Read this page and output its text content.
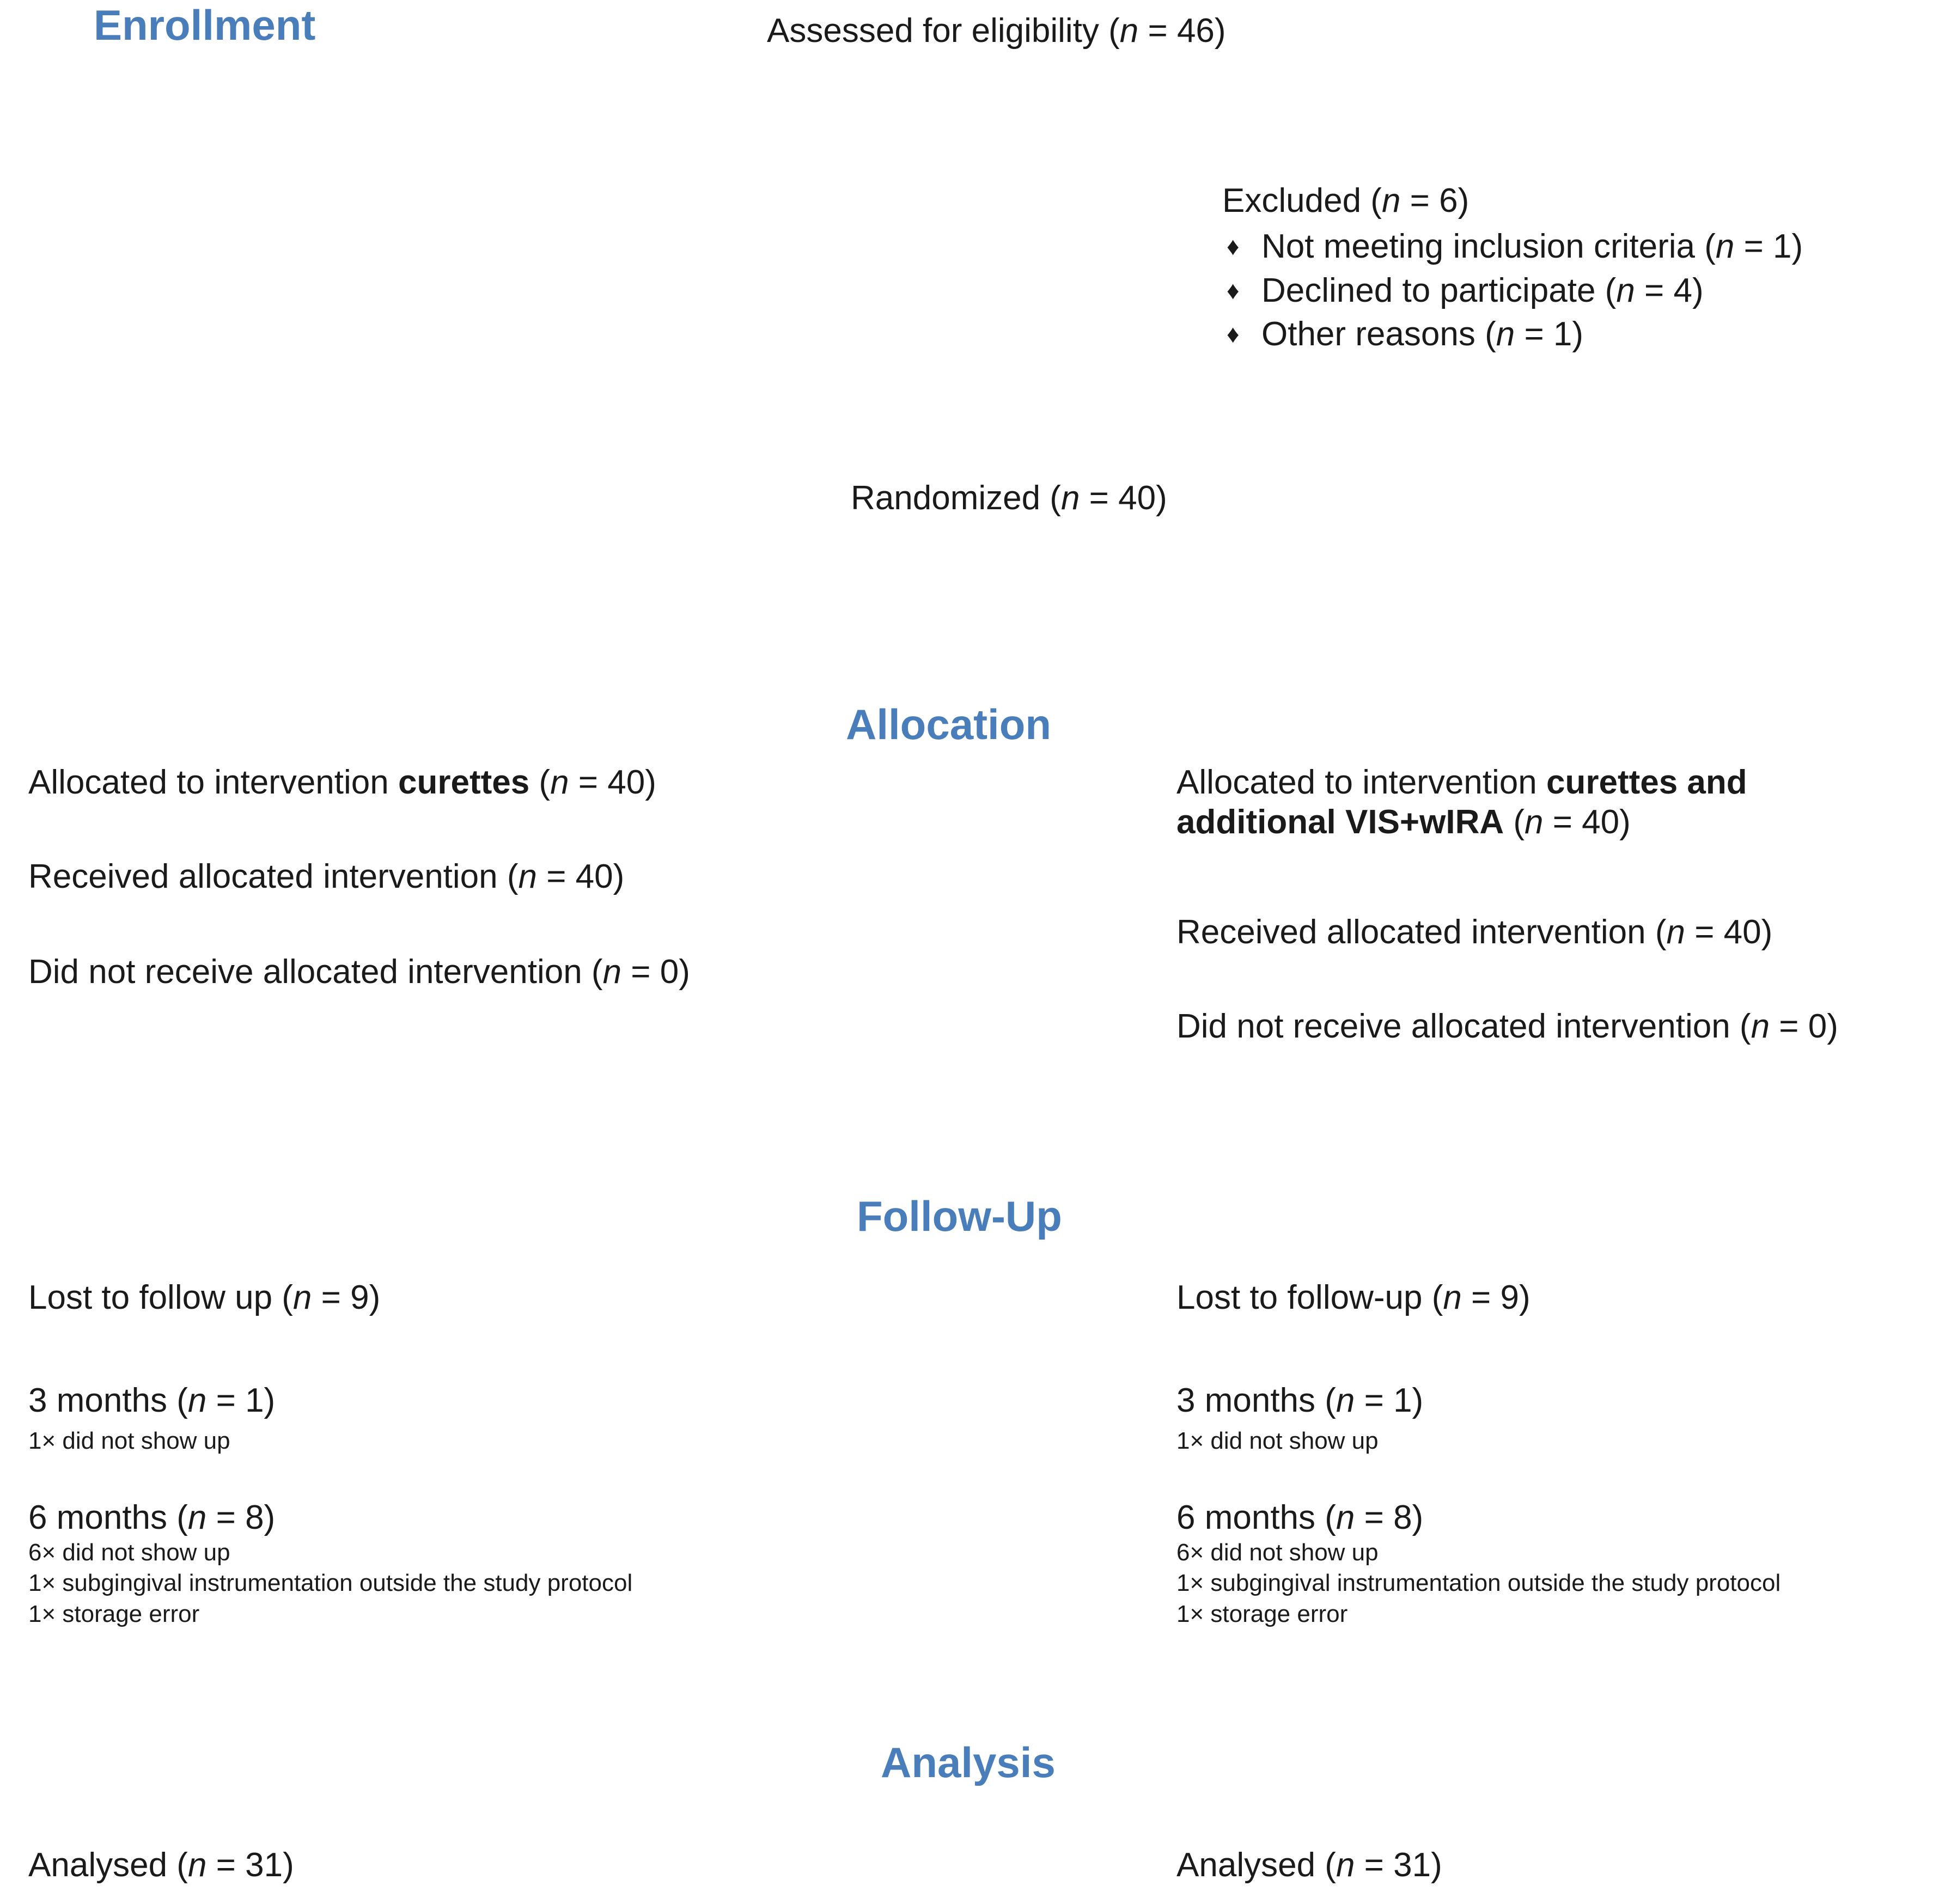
Enrollment	Assessed for eligibility (n = 46)
Excluded (n = 6)
♦ Not meeting inclusion criteria (n = 1)
♦ Declined to participate (n = 4)
♦ Other reasons (n = 1)
Randomized (n = 40)
Allocation
Allocated to intervention curettes (n = 40)
Received allocated intervention (n = 40)
Did not receive allocated intervention (n = 0)
Allocated to intervention curettes and additional VIS+wIRA (n = 40)
Received allocated intervention (n = 40)
Did not receive allocated intervention (n = 0)
Follow-Up
Lost to follow up (n = 9)
3 months (n = 1)
1× did not show up
6 months (n = 8)
6× did not show up
1× subgingival instrumentation outside the study protocol
1× storage error
Lost to follow-up (n = 9)
3 months (n = 1)
1× did not show up
6 months (n = 8)
6× did not show up
1× subgingival instrumentation outside the study protocol
1× storage error
Analysis
Analysed (n = 31)	Analysed (n = 31)
